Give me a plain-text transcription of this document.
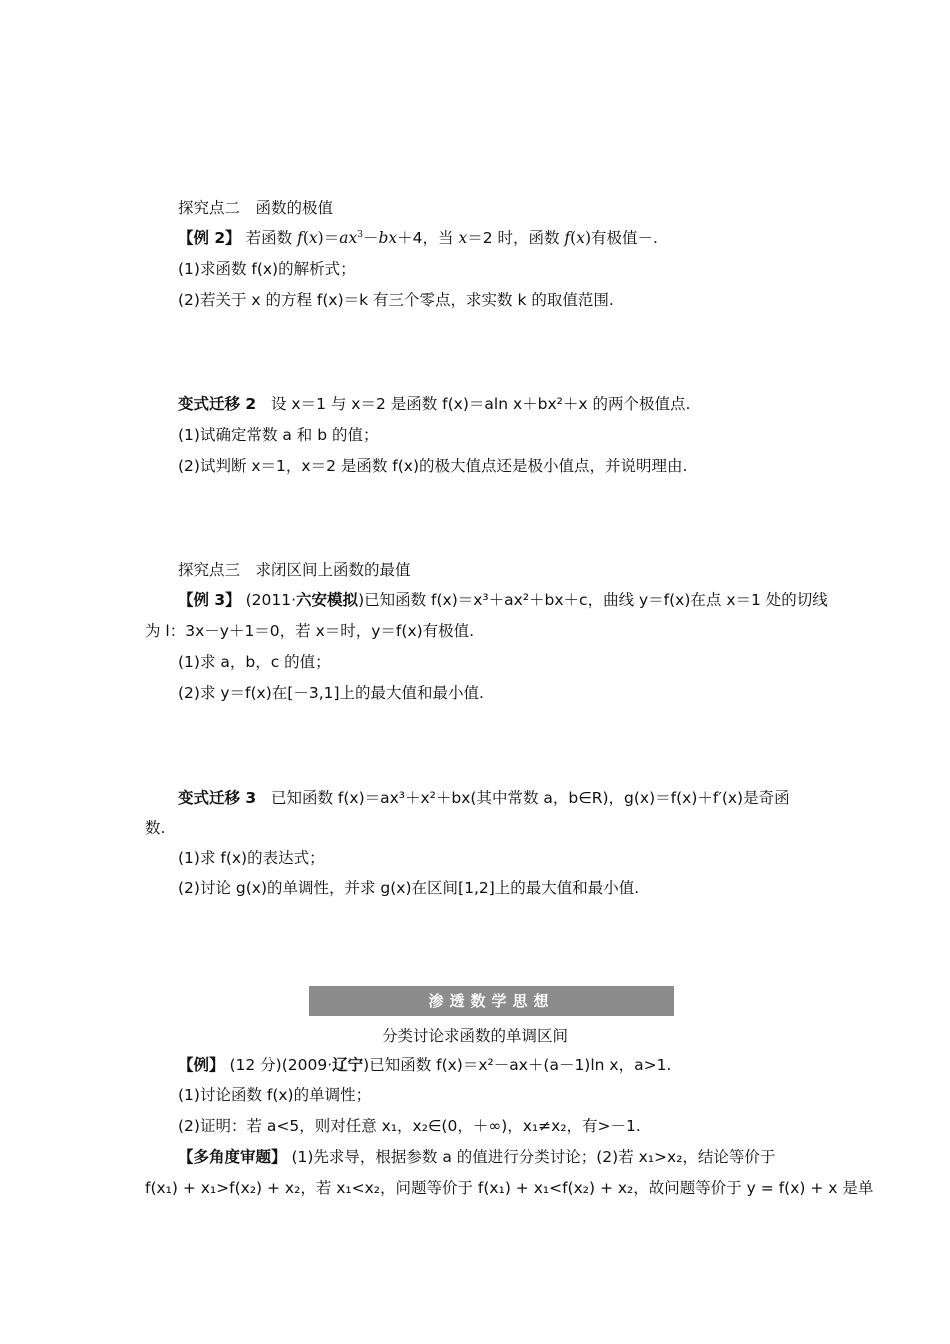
探究点二　函数的极值
【例 2】 若函数 $f(x)=ax^3-bx+4$，当 x＝2 时，函数 f(x)有极值－.
(1)求函数 f(x)的解析式；
(2)若关于 x 的方程 f(x)＝k 有三个零点，求实数 k 的取值范围.
变式迁移 2 设 x＝1 与 x＝2 是函数 f(x)＝aln x＋bx²＋x 的两个极值点.
(1)试确定常数 a 和 b 的值；
(2)试判断 x＝1，x＝2 是函数 f(x)的极大值点还是极小值点，并说明理由.
探究点三　求闭区间上函数的最值
【例 3】 (2011·六安模拟)已知函数 f(x)＝x³＋ax²＋bx＋c，曲线 y＝f(x)在点 x＝1 处的切线
为 l：3x－y＋1＝0，若 x＝时，y＝f(x)有极值.
(1)求 a，b，c 的值；
(2)求 y＝f(x)在[－3,1]上的最大值和最小值.
变式迁移 3 已知函数 f(x)＝ax³＋x²＋bx(其中常数 a，b∈R)，g(x)＝f(x)＋f′(x)是奇函
数.
(1)求 f(x)的表达式；
(2)讨论 g(x)的单调性，并求 g(x)在区间[1,2]上的最大值和最小值.
渗透数学思想
分类讨论求函数的单调区间
【例】 (12 分)(2009·辽宁)已知函数 f(x)＝x²－ax＋(a－1)ln x，a>1.
(1)讨论函数 f(x)的单调性；
(2)证明：若 a<5，则对任意 x₁，x₂∈(0，＋∞)，x₁≠x₂，有>－1.
【多角度审题】 (1)先求导，根据参数 a 的值进行分类讨论；(2)若 x₁>x₂，结论等价于
f(x₁) + x₁>f(x₂) + x₂，若 x₁<x₂，问题等价于 f(x₁) + x₁<f(x₂) + x₂，故问题等价于 y = f(x) + x 是单
